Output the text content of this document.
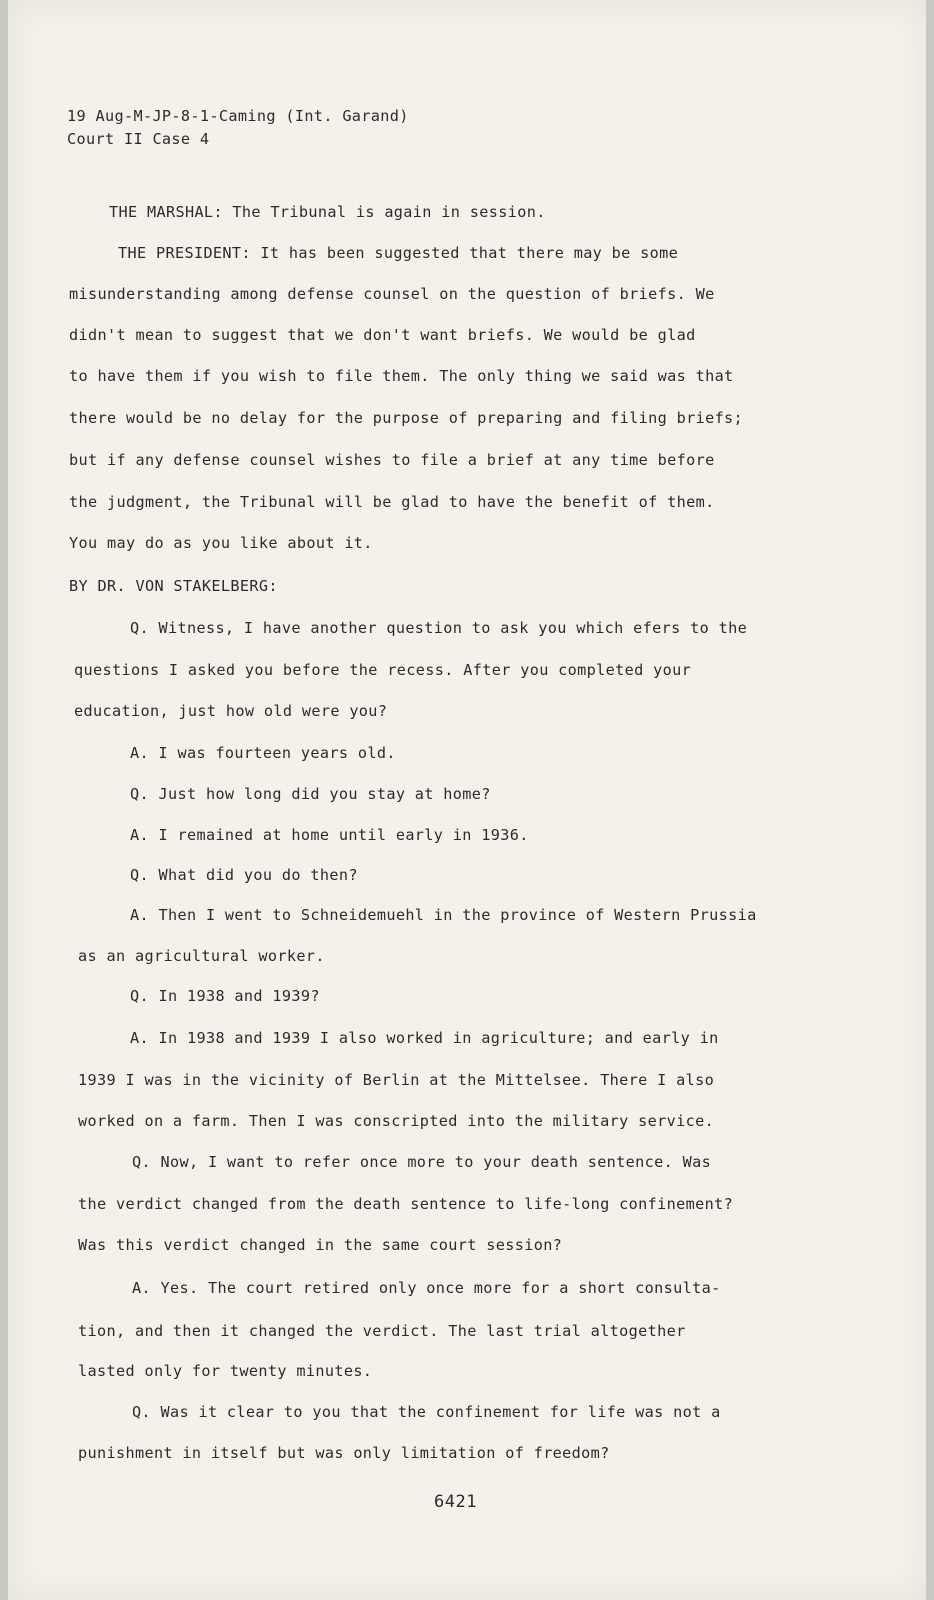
19 Aug-M-JP-8-1-Caming (Int. Garand)
Court II Case 4
THE MARSHAL: The Tribunal is again in session.
THE PRESIDENT: It has been suggested that there may be some
misunderstanding among defense counsel on the question of briefs. We
didn't mean to suggest that we don't want briefs. We would be glad
to have them if you wish to file them. The only thing we said was that
there would be no delay for the purpose of preparing and filing briefs;
but if any defense counsel wishes to file a brief at any time before
the judgment, the Tribunal will be glad to have the benefit of them.
You may do as you like about it.
BY DR. VON STAKELBERG:
Q. Witness, I have another question to ask you which efers to the
questions I asked you before the recess. After you completed your
education, just how old were you?
A. I was fourteen years old.
Q. Just how long did you stay at home?
A. I remained at home until early in 1936.
Q. What did you do then?
A. Then I went to Schneidemuehl in the province of Western Prussia
as an agricultural worker.
Q. In 1938 and 1939?
A. In 1938 and 1939 I also worked in agriculture; and early in
1939 I was in the vicinity of Berlin at the Mittelsee. There I also
worked on a farm. Then I was conscripted into the military service.
Q. Now, I want to refer once more to your death sentence. Was
the verdict changed from the death sentence to life-long confinement?
Was this verdict changed in the same court session?
A. Yes. The court retired only once more for a short consulta-
tion, and then it changed the verdict. The last trial altogether
lasted only for twenty minutes.
Q. Was it clear to you that the confinement for life was not a
punishment in itself but was only limitation of freedom?
6421
